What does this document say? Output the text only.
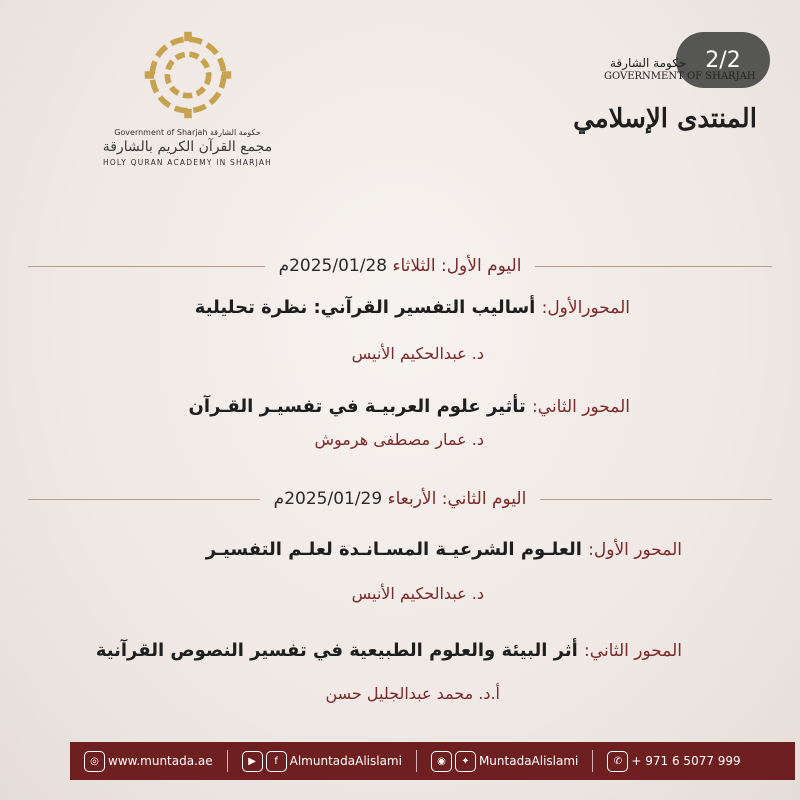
2/2
Government of Sharjah حكومة الشارقة
مجمع القرآن الكريم بالشارقة
HOLY QURAN ACADEMY IN SHARJAH
حكومة الشارقة
GOVERNMENT OF SHARJAH
المنتدى الإسلامي
اليوم الأول: الثلاثاء 2025/01/28م
المحورالأول: أساليب التفسير القرآني: نظرة تحليلية
د. عبدالحكيم الأنيس
المحور الثاني: تأثير علوم العربيـة في تفسيـر القـرآن
د. عمار مصطفى هرموش
اليوم الثاني: الأربعاء 2025/01/29م
المحور الأول: العلـوم الشرعيـة المسـانـدة لعلـم التفسيـر
د. عبدالحكيم الأنيس
المحور الثاني: أثر البيئة والعلوم الطبيعية في تفسير النصوص القرآنية
أ.د. محمد عبدالجليل حسن
◎ www.muntada.ae	▶	f AlmuntadaAlislami	◉	✦ MuntadaAlislami	✆ + 971 6 5077 999
